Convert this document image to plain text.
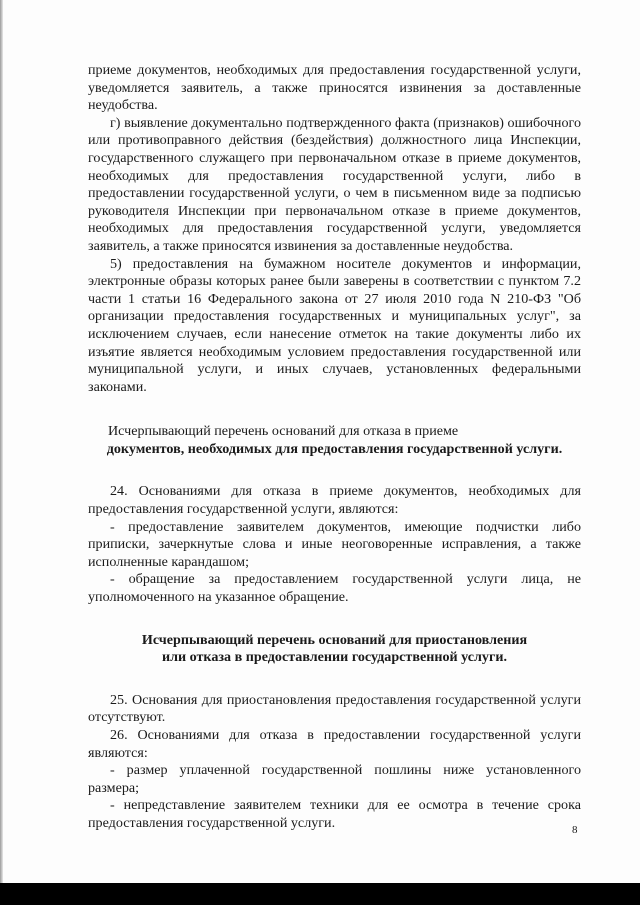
приеме документов, необходимых для предоставления государственной услуги, уведомляется заявитель, а также приносятся извинения за доставленные неудобства.

г) выявление документально подтвержденного факта (признаков) ошибочного или противоправного действия (бездействия) должностного лица Инспекции, государственного служащего при первоначальном отказе в приеме документов, необходимых для предоставления государственной услуги, либо в предоставлении государственной услуги, о чем в письменном виде за подписью руководителя Инспекции при первоначальном отказе в приеме документов, необходимых для предоставления государственной услуги, уведомляется заявитель, а также приносятся извинения за доставленные неудобства.

5) предоставления на бумажном носителе документов и информации, электронные образы которых ранее были заверены в соответствии с пунктом 7.2 части 1 статьи 16 Федерального закона от 27 июля 2010 года N 210-ФЗ "Об организации предоставления государственных и муниципальных услуг", за исключением случаев, если нанесение отметок на такие документы либо их изъятие является необходимым условием предоставления государственной или муниципальной услуги, и иных случаев, установленных федеральными законами.

Исчерпывающий перечень оснований для отказа в приеме

документов, необходимых для предоставления государственной услуги.

24. Основаниями для отказа в приеме документов, необходимых для предоставления государственной услуги, являются:

- предоставление заявителем документов, имеющие подчистки либо приписки, зачеркнутые слова и иные неоговоренные исправления, а также исполненные карандашом;

- обращение за предоставлением государственной услуги лица, не уполномоченного на указанное обращение.

Исчерпывающий перечень оснований для приостановления

или отказа в предоставлении государственной услуги.

25. Основания для приостановления предоставления государственной услуги отсутствуют.

26. Основаниями для отказа в предоставлении государственной услуги являются:

- размер уплаченной государственной пошлины ниже установленного размера;

- непредставление заявителем техники для ее осмотра в течение срока предоставления государственной услуги.	8
